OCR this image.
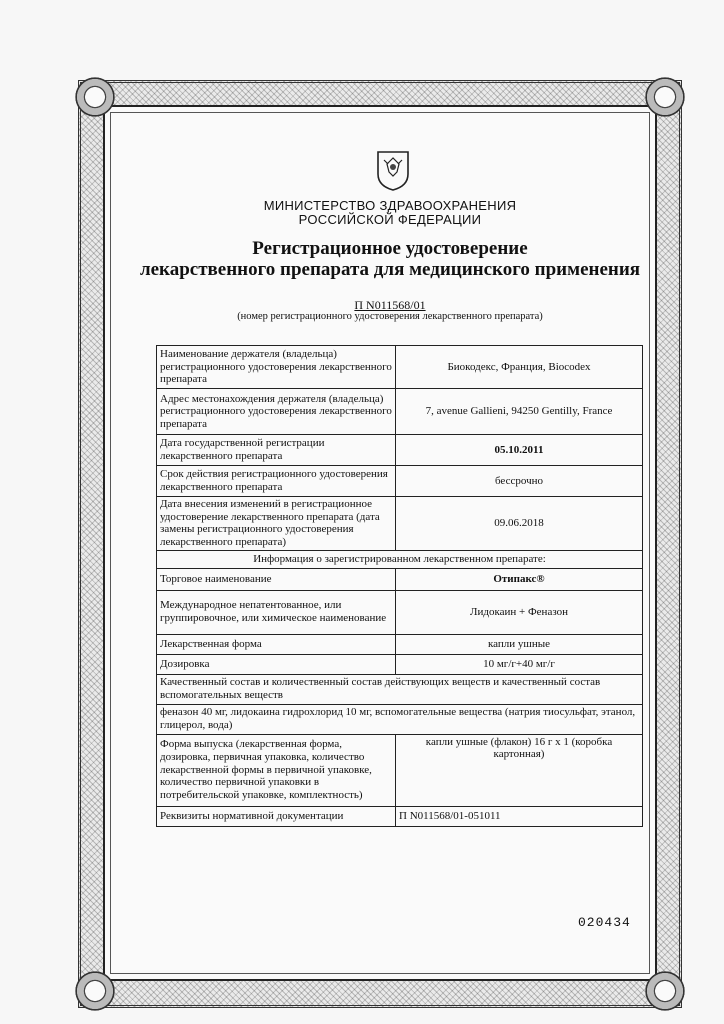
МИНИСТЕРСТВО ЗДРАВООХРАНЕНИЯ
РОССИЙСКОЙ ФЕДЕРАЦИИ
Регистрационное удостоверение
лекарственного препарата для медицинского применения
П N011568/01
(номер регистрационного удостоверения лекарственного препарата)
Наименование держателя (владельца) регистрационного удостоверения лекарственного препарата	Биокодекс, Франция, Biocodex
Адрес местонахождения держателя (владельца) регистрационного удостоверения лекарственного препарата	7, avenue Gallieni, 94250 Gentilly, France
Дата государственной регистрации лекарственного препарата	05.10.2011
Срок действия регистрационного удостоверения лекарственного препарата	бессрочно
Дата внесения изменений в регистрационное удостоверение лекарственного препарата (дата замены регистрационного удостоверения лекарственного препарата)	09.06.2018
Информация о зарегистрированном лекарственном препарате:	
Торговое наименование	Отипакс®
Международное непатентованное, или группировочное, или химическое наименование	Лидокаин + Феназон
Лекарственная форма	капли ушные
Дозировка	10 мг/г+40 мг/г
Качественный состав и количественный состав действующих веществ и качественный состав вспомогательных веществ	
феназон 40 мг, лидокаина гидрохлорид 10 мг, вспомогательные вещества (натрия тиосульфат, этанол, глицерол, вода)	
Форма выпуска (лекарственная форма, дозировка, первичная упаковка, количество лекарственной формы в первичной упаковке, количество первичной упаковки в потребительской упаковке, комплектность)	капли ушные (флакон) 16 г х 1 (коробка картонная)
Реквизиты нормативной документации	П N011568/01-051011
020434
